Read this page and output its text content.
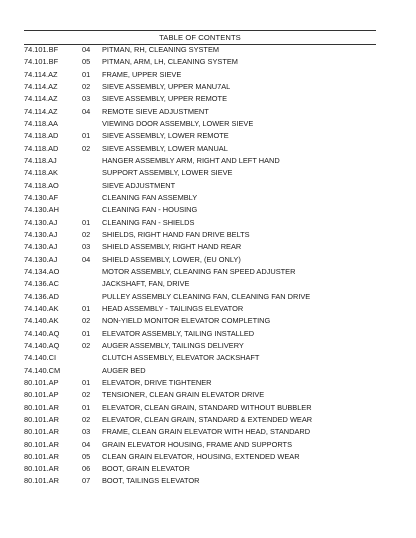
TABLE OF CONTENTS
74.101.BF	04	PITMAN, RH, CLEANING SYSTEM
74.101.BF	05	PITMAN, ARM, LH, CLEANING SYSTEM
74.114.AZ	01	FRAME, UPPER SIEVE
74.114.AZ	02	SIEVE ASSEMBLY, UPPER MANU7AL
74.114.AZ	03	SIEVE ASSEMBLY, UPPER REMOTE
74.114.AZ	04	REMOTE SIEVE ADJUSTMENT
74.118.AA	VIEWING DOOR ASSEMBLY, LOWER SIEVE
74.118.AD	01	SIEVE ASSEMBLY, LOWER REMOTE
74.118.AD	02	SIEVE ASSEMBLY, LOWER MANUAL
74.118.AJ	HANGER ASSEMBLY ARM, RIGHT AND LEFT HAND
74.118.AK	SUPPORT ASSEMBLY, LOWER SIEVE
74.118.AO	SIEVE ADJUSTMENT
74.130.AF	CLEANING FAN ASSEMBLY
74.130.AH	CLEANING FAN - HOUSING
74.130.AJ	01	CLEANING FAN - SHIELDS
74.130.AJ	02	SHIELDS, RIGHT HAND FAN DRIVE BELTS
74.130.AJ	03	SHIELD ASSEMBLY, RIGHT HAND REAR
74.130.AJ	04	SHIELD ASSEMBLY, LOWER, (EU ONLY)
74.134.AO	MOTOR ASSEMBLY, CLEANING FAN SPEED ADJUSTER
74.136.AC	JACKSHAFT, FAN, DRIVE
74.136.AD	PULLEY ASSEMBLY CLEANING FAN, CLEANING FAN DRIVE
74.140.AK	01	HEAD ASSEMBLY - TAILINGS ELEVATOR
74.140.AK	02	NON-YIELD MONITOR ELEVATOR COMPLETING
74.140.AQ	01	ELEVATOR ASSEMBLY, TAILING INSTALLED
74.140.AQ	02	AUGER ASSEMBLY, TAILINGS DELIVERY
74.140.CI	CLUTCH ASSEMBLY, ELEVATOR JACKSHAFT
74.140.CM	AUGER BED
80.101.AP	01	ELEVATOR, DRIVE TIGHTENER
80.101.AP	02	TENSIONER, CLEAN GRAIN ELEVATOR DRIVE
80.101.AR	01	ELEVATOR, CLEAN GRAIN, STANDARD WITHOUT BUBBLER
80.101.AR	02	ELEVATOR, CLEAN GRAIN, STANDARD & EXTENDED WEAR
80.101.AR	03	FRAME, CLEAN GRAIN ELEVATOR WITH HEAD, STANDARD
80.101.AR	04	GRAIN ELEVATOR HOUSING, FRAME AND SUPPORTS
80.101.AR	05	CLEAN GRAIN ELEVATOR, HOUSING, EXTENDED WEAR
80.101.AR	06	BOOT, GRAIN ELEVATOR
80.101.AR	07	BOOT, TAILINGS ELEVATOR
